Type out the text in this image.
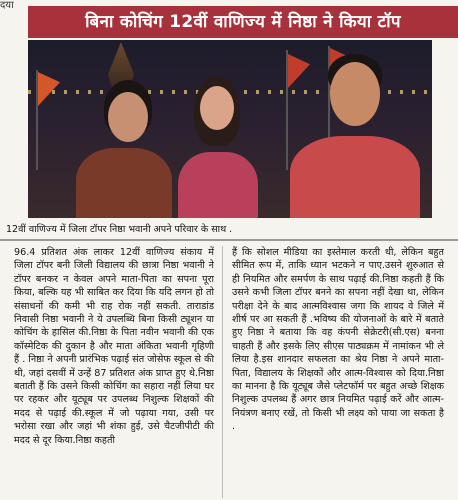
दया
बिना कोचिंग 12वीं वाणिज्य में निष्ठा ने किया टॉप
12वीं वाणिज्य में जिला टॉपर निष्ठा भवानी अपने परिवार के साथ .
96.4 प्रतिशत अंक लाकर 12वीं वाणिज्य संकाय में जिला टॉपर बनी जिली विद्यालय की छात्रा निष्ठा भवानी ने टॉपर बनकर न केवल अपने माता-पिता का सपना पूरा किया, बल्कि यह भी साबित कर दिया कि यदि लगन हो तो संसाधनों की कमी भी राह रोक नहीं सकती. ताराडांड निवासी निष्ठा भवानी ने ये उपलब्धि बिना किसी ट्यूशन या कोचिंग के हासिल की.निष्ठा के पिता नवीन भवानी की एक कॉस्मेटिक की दुकान है और माता अंकिता भवानी गृहिणी हैं . निष्ठा ने अपनी प्रारंभिक पढ़ाई संत जोसेफ स्कूल से की थी, जहां दसवीं में उन्हें 87 प्रतिशत अंक प्राप्त हुए थे.निष्ठा बताती हैं कि उसने किसी कोचिंग का सहारा नहीं लिया घर पर रहकर और यूट्यूब पर उपलब्ध निशुल्क शिक्षकों की मदद से पढ़ाई की.स्कूल में जो पढ़ाया गया, उसी पर भरोसा रखा और जहां भी शंका हुई, उसे चैटजीपीटी की मदद से दूर किया.निष्ठा कहती
हैं कि सोशल मीडिया का इस्तेमाल करती थी, लेकिन बहुत सीमित रूप में, ताकि ध्यान भटकने न पाए.उसने शुरुआत से ही नियमित और समर्पण के साथ पढ़ाई की.निष्ठा कहती हैं कि उसने कभी जिला टॉपर बनने का सपना नहीं देखा था, लेकिन परीक्षा देने के बाद आत्मविश्वास जगा कि शायद वे जिले में शीर्ष पर आ सकती हैं .भविष्य की योजनाओं के बारे में बताते हुए निष्ठा ने बताया कि वह कंपनी सेक्रेटरी(सी.एस) बनना चाहती हैं और इसके लिए सीएस पाठ्यक्रम में नामांकन भी ले लिया है.इस शानदार सफलता का श्रेय निष्ठा ने अपने माता-पिता, विद्यालय के शिक्षकों और आत्म-विश्वास को दिया.निष्ठा का मानना है कि यूट्यूब जैसे प्लेटफॉर्म पर बहुत अच्छे शिक्षक निशुल्क उपलब्ध हैं अगर छात्र नियमित पढ़ाई करें और आत्म-नियंत्रण बनाए रखें, तो किसी भी लक्ष्य को पाया जा सकता है .
